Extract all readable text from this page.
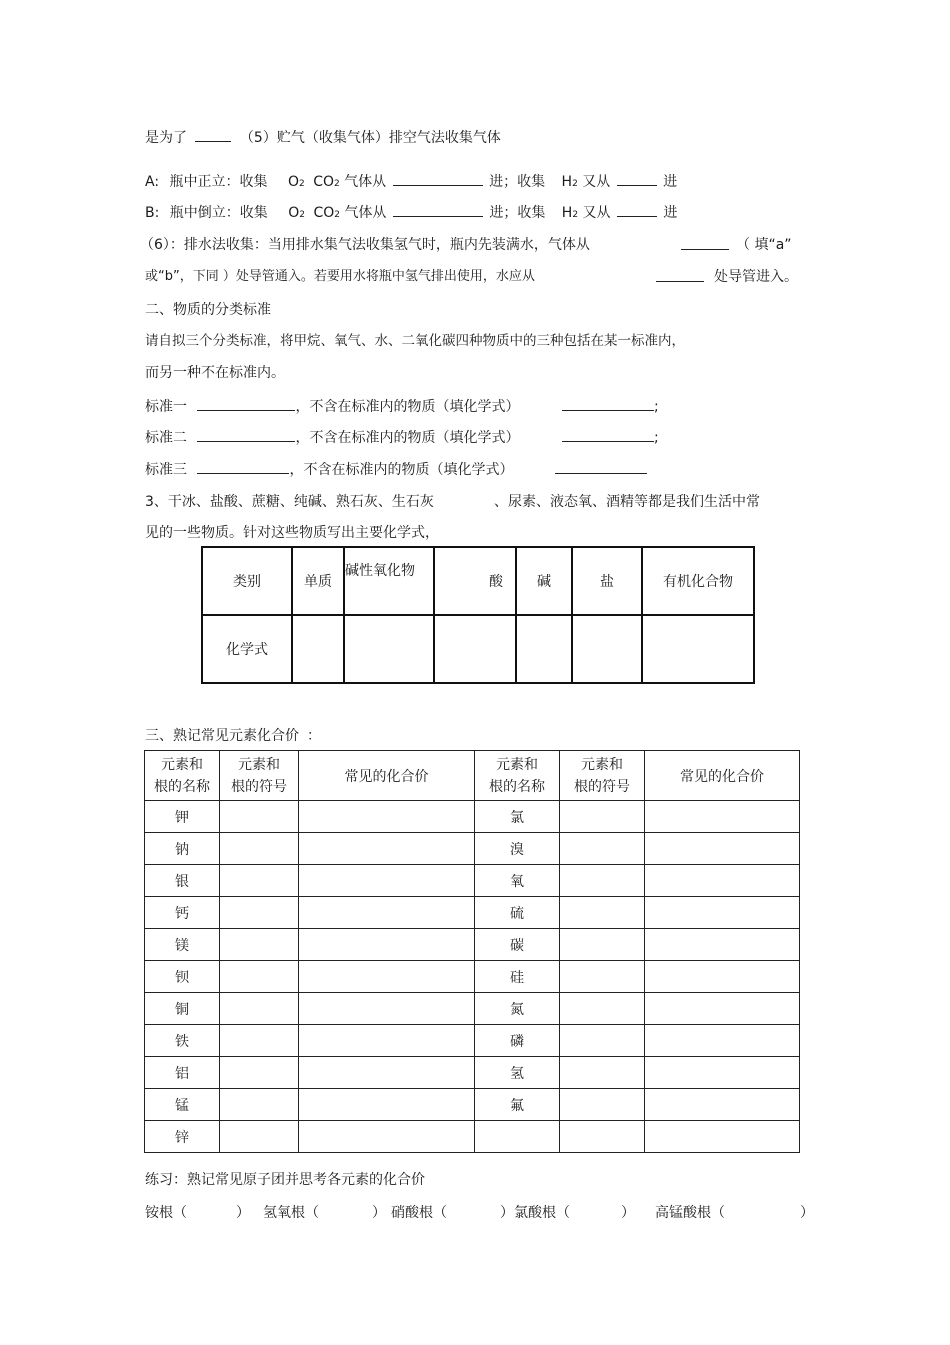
是为了	（5）贮气（收集气体）排空气法收集气体
A: 瓶中正立：收集 O2 CO2 气体从	进；收集 H2 又从	进
B: 瓶中倒立：收集 O2 CO2 气体从	进；收集 H2 又从	进
（6）：排水法收集：当用排水集气法收集氢气时，瓶内先装满水，气体从	（ 填“a”
或“b”，下同 ）处导管通入。若要用水将瓶中氢气排出使用，水应从	处导管进入。
二、物质的分类标准
请自拟三个分类标准，将甲烷、氧气、水、二氧化碳四种物质中的三种包括在某一标准内，
而另一种不在标准内。
标准一	，不含在标准内的物质（填化学式）	;
标准二	，不含在标准内的物质（填化学式）	;
标准三	，不含在标准内的物质（填化学式）
3、干冰、盐酸、蔗糖、纯碱、熟石灰、生石灰	、尿素、液态氧、酒精等都是我们生活中常
见的一些物质。针对这些物质写出主要化学式，
类别	单质	碱性氧化物	酸	碱	盐	有机化合物
化学式						
三、熟记常见元素化合价 ：
元素和
根的名称	元素和
根的符号	常见的化合价	元素和
根的名称	元素和
根的符号	常见的化合价
钾			氯		
钠			溴		
银			氧		
钙			硫		
镁			碳		
钡			硅		
铜			氮		
铁			磷		
铝			氢		
锰			氟		
锌					
练习：熟记常见原子团并思考各元素的化合价
铵根（	） 氢氧根（	） 硝酸根（	）氯酸根（	） 高锰酸根（	）
